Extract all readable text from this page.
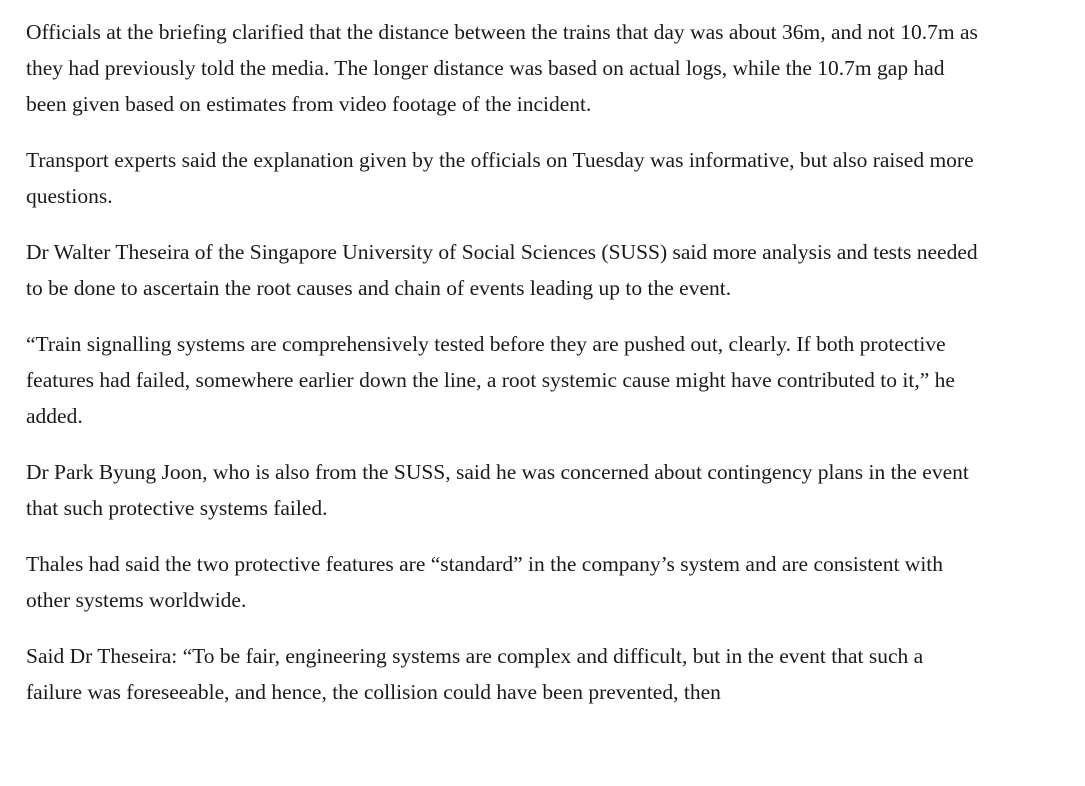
Officials at the briefing clarified that the distance between the trains that day was about 36m, and not 10.7m as they had previously told the media. The longer distance was based on actual logs, while the 10.7m gap had been given based on estimates from video footage of the incident.

Transport experts said the explanation given by the officials on Tuesday was informative, but also raised more questions.

Dr Walter Theseira of the Singapore University of Social Sciences (SUSS) said more analysis and tests needed to be done to ascertain the root causes and chain of events leading up to the event.

“Train signalling systems are comprehensively tested before they are pushed out, clearly. If both protective features had failed, somewhere earlier down the line, a root systemic cause might have contributed to it,” he added.

Dr Park Byung Joon, who is also from the SUSS, said he was concerned about contingency plans in the event that such protective systems failed.

Thales had said the two protective features are “standard” in the company’s system and are consistent with other systems worldwide.

Said Dr Theseira: “To be fair, engineering systems are complex and difficult, but in the event that such a failure was foreseeable, and hence, the collision could have been prevented, then
